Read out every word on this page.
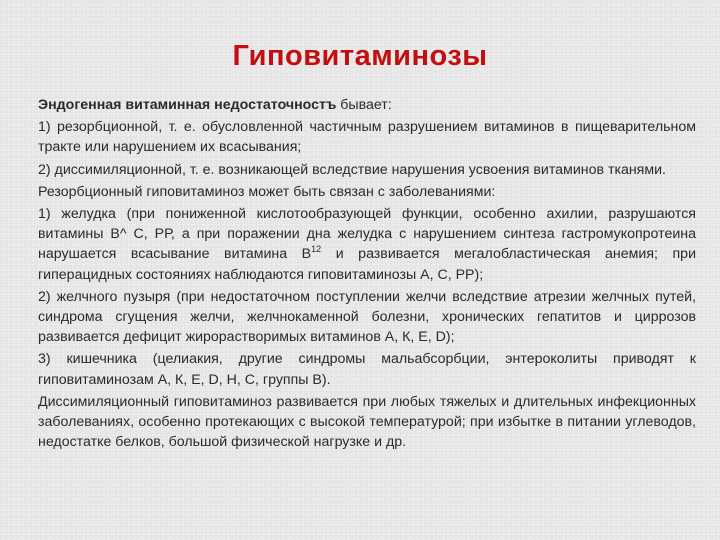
Гиповитаминозы

Эндогенная витаминная недостаточностъ бывает:

1) резорбционной, т. е. обусловленной частичным разрушением витаминов в пищеварительном тракте или нарушением их всасывания;

2) диссимиляционной, т. е. возникающей вследствие нарушения усвоения витаминов тканями.

Резорбционный гиповитаминоз может быть связан с заболеваниями:

1) желудка (при пониженной кислотообразующей функции, особенно ахилии, разрушаются витамины В^ С, РР, а при поражении дна желудка с нарушением синтеза гастромукопротеина нарушается всасывание витамина $В^{12}$ и развивается мегалобластическая анемия; при гиперацидных состояниях наблюдаются гиповитаминозы А, С, РР);

2) желчного пузыря (при недостаточном поступлении желчи вследствие атрезии желчных путей, синдрома сгущения желчи, желчнокаменной болезни, хронических гепатитов и циррозов развивается дефицит жирорастворимых витаминов А, К, Е, D);

3) кишечника (целиакия, другие синдромы мальабсорбции, энтероколиты приводят к гиповитаминозам А, К, Е, D, Н, С, группы В).

Диссимиляционный гиповитаминоз развивается при любых тяжелых и длительных инфекционных заболеваниях, особенно протекающих с высокой температурой; при избытке в питании углеводов, недостатке белков, большой физической нагрузке и др.
